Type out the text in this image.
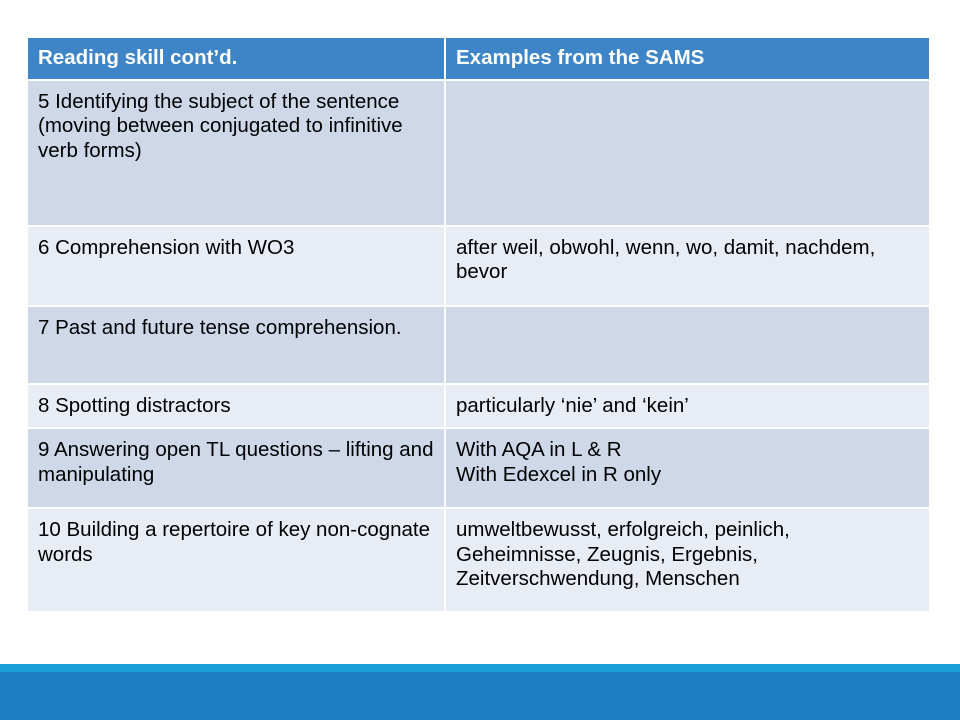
Reading skill cont’d.	Examples from the SAMS
5 Identifying the subject of the sentence (moving between conjugated to infinitive verb forms)	
6 Comprehension with WO3	after weil, obwohl, wenn, wo, damit, nachdem, bevor

7 Past and future tense comprehension.	
8 Spotting distractors	particularly ‘nie’ and ‘kein’

9 Answering open TL questions – lifting and manipulating	With AQA in L & R
With Edexcel in R only

10 Building a repertoire of key non-cognate words	umweltbewusst, erfolgreich, peinlich, Geheimnisse, Zeugnis, Ergebnis, Zeitverschwendung, Menschen
